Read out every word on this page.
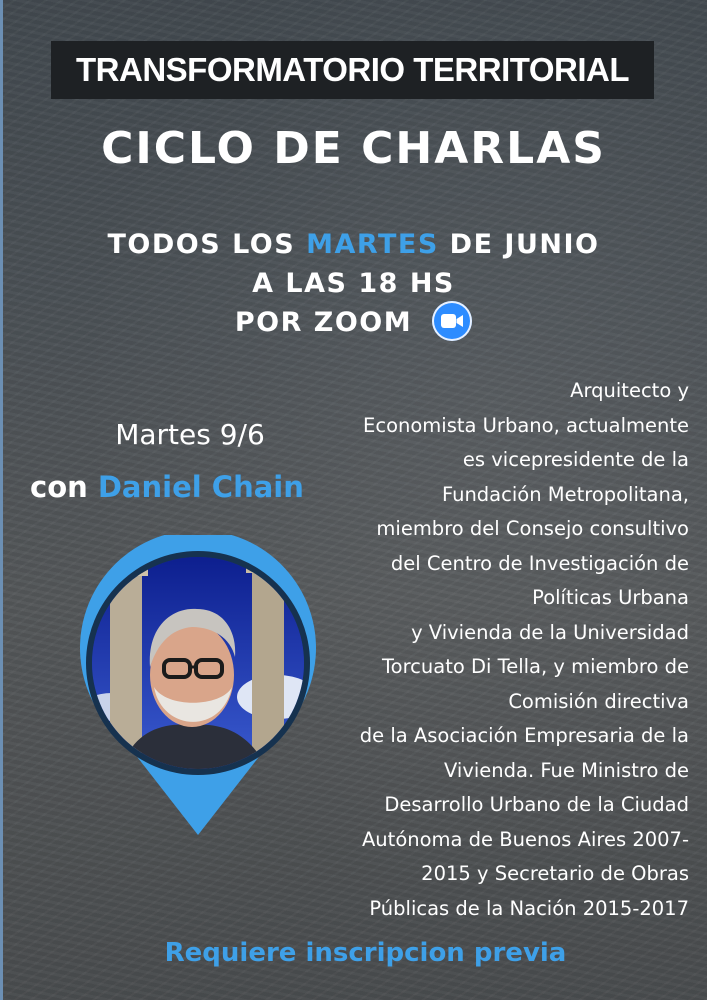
TRANSFORMATORIO TERRITORIAL
CICLO DE CHARLAS
TODOS LOS MARTES DE JUNIO
A LAS 18 HS
POR ZOOM
Martes 9/6
con Daniel Chain
Arquitecto y
Economista Urbano, actualmente
es vicepresidente de la
Fundación Metropolitana,
miembro del Consejo consultivo
del Centro de Investigación de
Políticas Urbana
y Vivienda de la Universidad
Torcuato Di Tella, y miembro de
Comisión directiva
de la Asociación Empresaria de la
Vivienda. Fue Ministro de
Desarrollo Urbano de la Ciudad
Autónoma de Buenos Aires 2007-
2015 y Secretario de Obras
Públicas de la Nación 2015-2017
Requiere inscripcion previa
